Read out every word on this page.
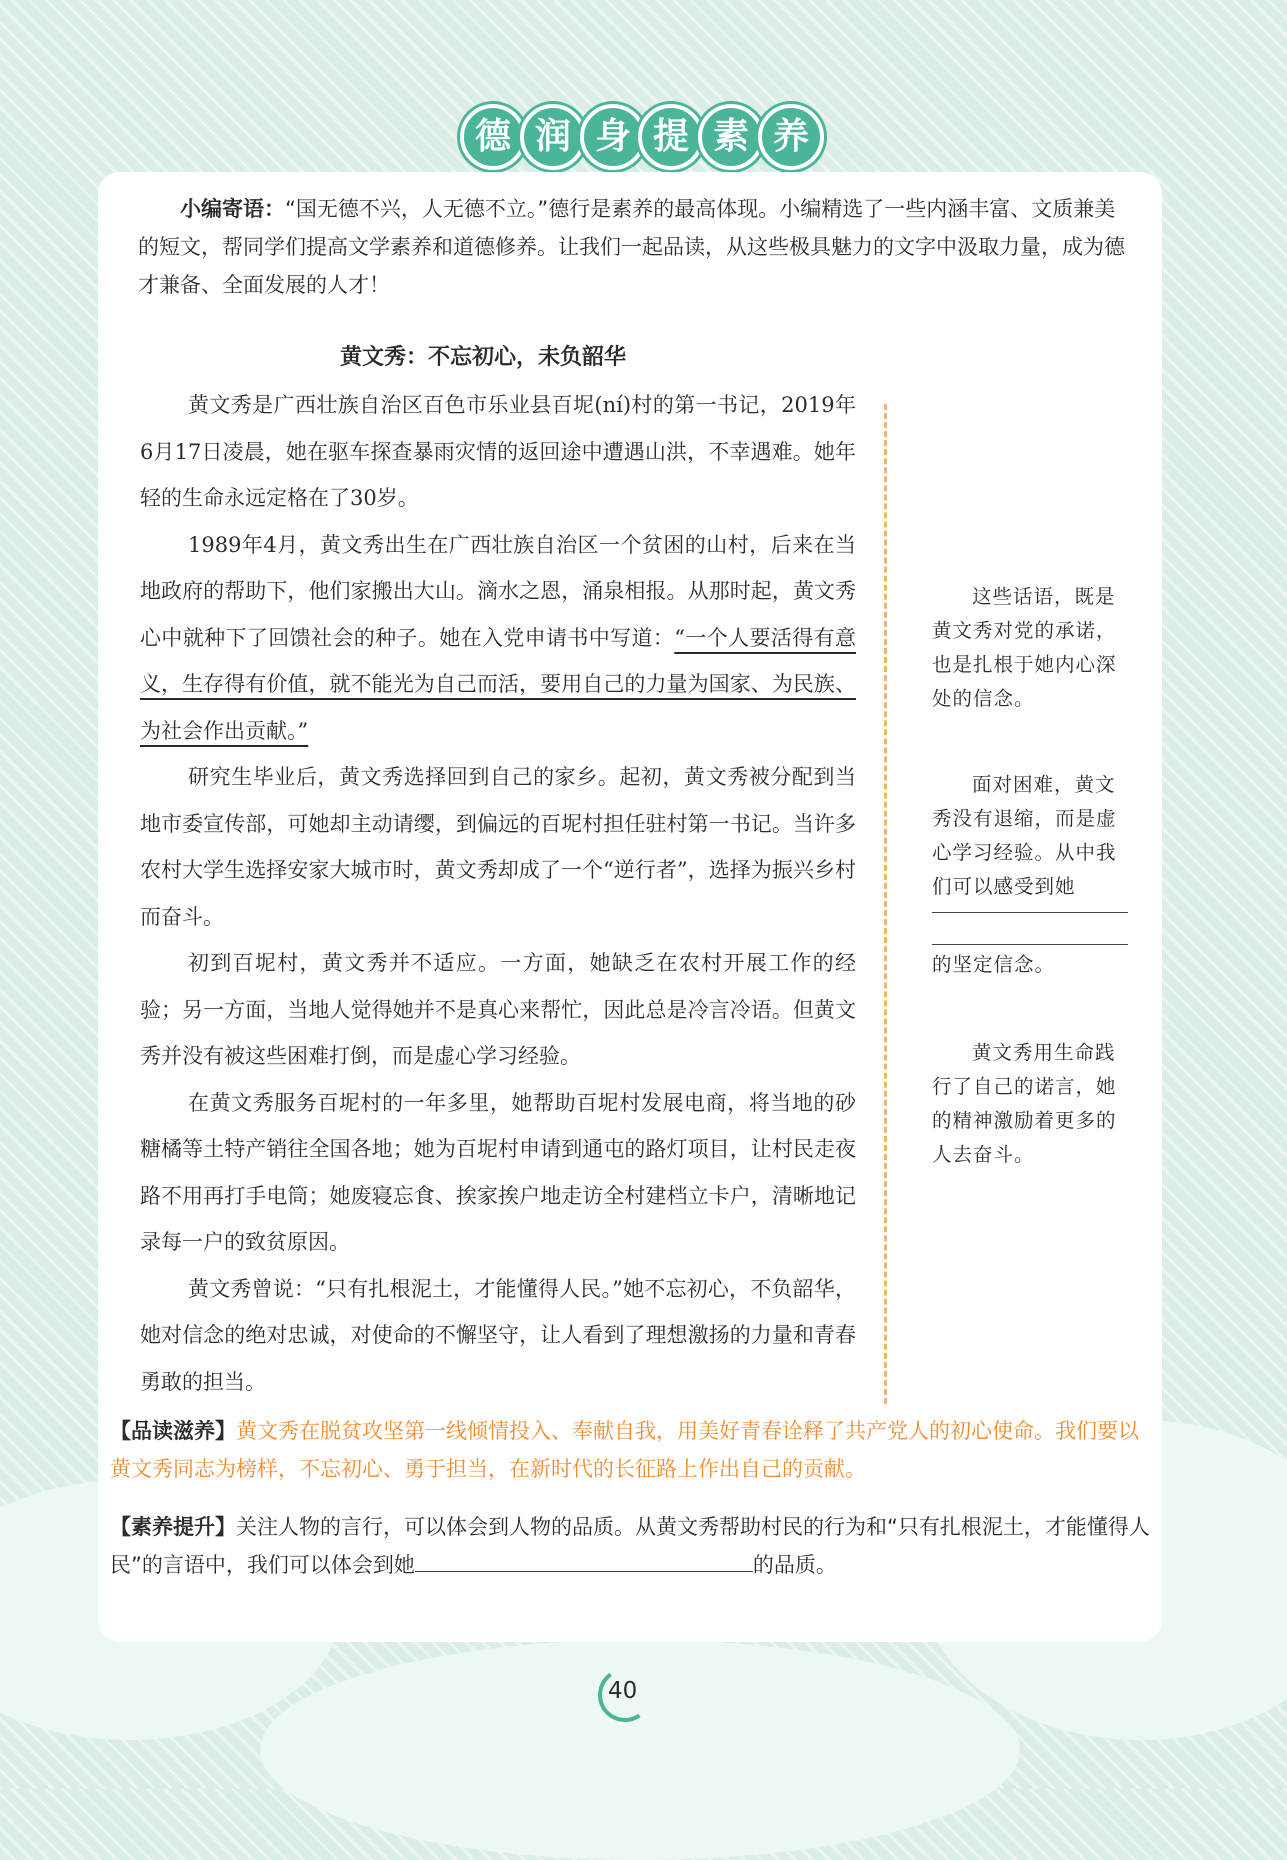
德 润 身 提 素 养
小编寄语：“国无德不兴，人无德不立。”德行是素养的最高体现。小编精选了一些内涵丰富、文质兼美的短文，帮同学们提高文学素养和道德修养。让我们一起品读，从这些极具魅力的文字中汲取力量，成为德才兼备、全面发展的人才！
黄文秀：不忘初心，未负韶华

黄文秀是广西壮族自治区百色市乐业县百坭(ní)村的第一书记，2019年6月17日凌晨，她在驱车探查暴雨灾情的返回途中遭遇山洪，不幸遇难。她年轻的生命永远定格在了30岁。

1989年4月，黄文秀出生在广西壮族自治区一个贫困的山村，后来在当地政府的帮助下，他们家搬出大山。滴水之恩，涌泉相报。从那时起，黄文秀心中就种下了回馈社会的种子。她在入党申请书中写道：“一个人要活得有意义，生存得有价值，就不能光为自己而活，要用自己的力量为国家、为民族、为社会作出贡献。”

研究生毕业后，黄文秀选择回到自己的家乡。起初，黄文秀被分配到当地市委宣传部，可她却主动请缨，到偏远的百坭村担任驻村第一书记。当许多农村大学生选择安家大城市时，黄文秀却成了一个“逆行者”，选择为振兴乡村而奋斗。

初到百坭村，黄文秀并不适应。一方面，她缺乏在农村开展工作的经验；另一方面，当地人觉得她并不是真心来帮忙，因此总是冷言冷语。但黄文秀并没有被这些困难打倒，而是虚心学习经验。

在黄文秀服务百坭村的一年多里，她帮助百坭村发展电商，将当地的砂糖橘等土特产销往全国各地；她为百坭村申请到通屯的路灯项目，让村民走夜路不用再打手电筒；她废寝忘食、挨家挨户地走访全村建档立卡户，清晰地记录每一户的致贫原因。

黄文秀曾说：“只有扎根泥土，才能懂得人民。”她不忘初心，不负韶华，她对信念的绝对忠诚，对使命的不懈坚守，让人看到了理想激扬的力量和青春勇敢的担当。

这些话语，既是黄文秀对党的承诺，也是扎根于她内心深处的信念。
面对困难，黄文秀没有退缩，而是虚心学习经验。从中我们可以感受到她
的坚定信念。
黄文秀用生命践行了自己的诺言，她的精神激励着更多的人去奋斗。
【品读滋养】黄文秀在脱贫攻坚第一线倾情投入、奉献自我，用美好青春诠释了共产党人的初心使命。我们要以黄文秀同志为榜样，不忘初心、勇于担当，在新时代的长征路上作出自己的贡献。
【素养提升】关注人物的言行，可以体会到人物的品质。从黄文秀帮助村民的行为和“只有扎根泥土，才能懂得人民”的言语中，我们可以体会到她	的品质。
40
